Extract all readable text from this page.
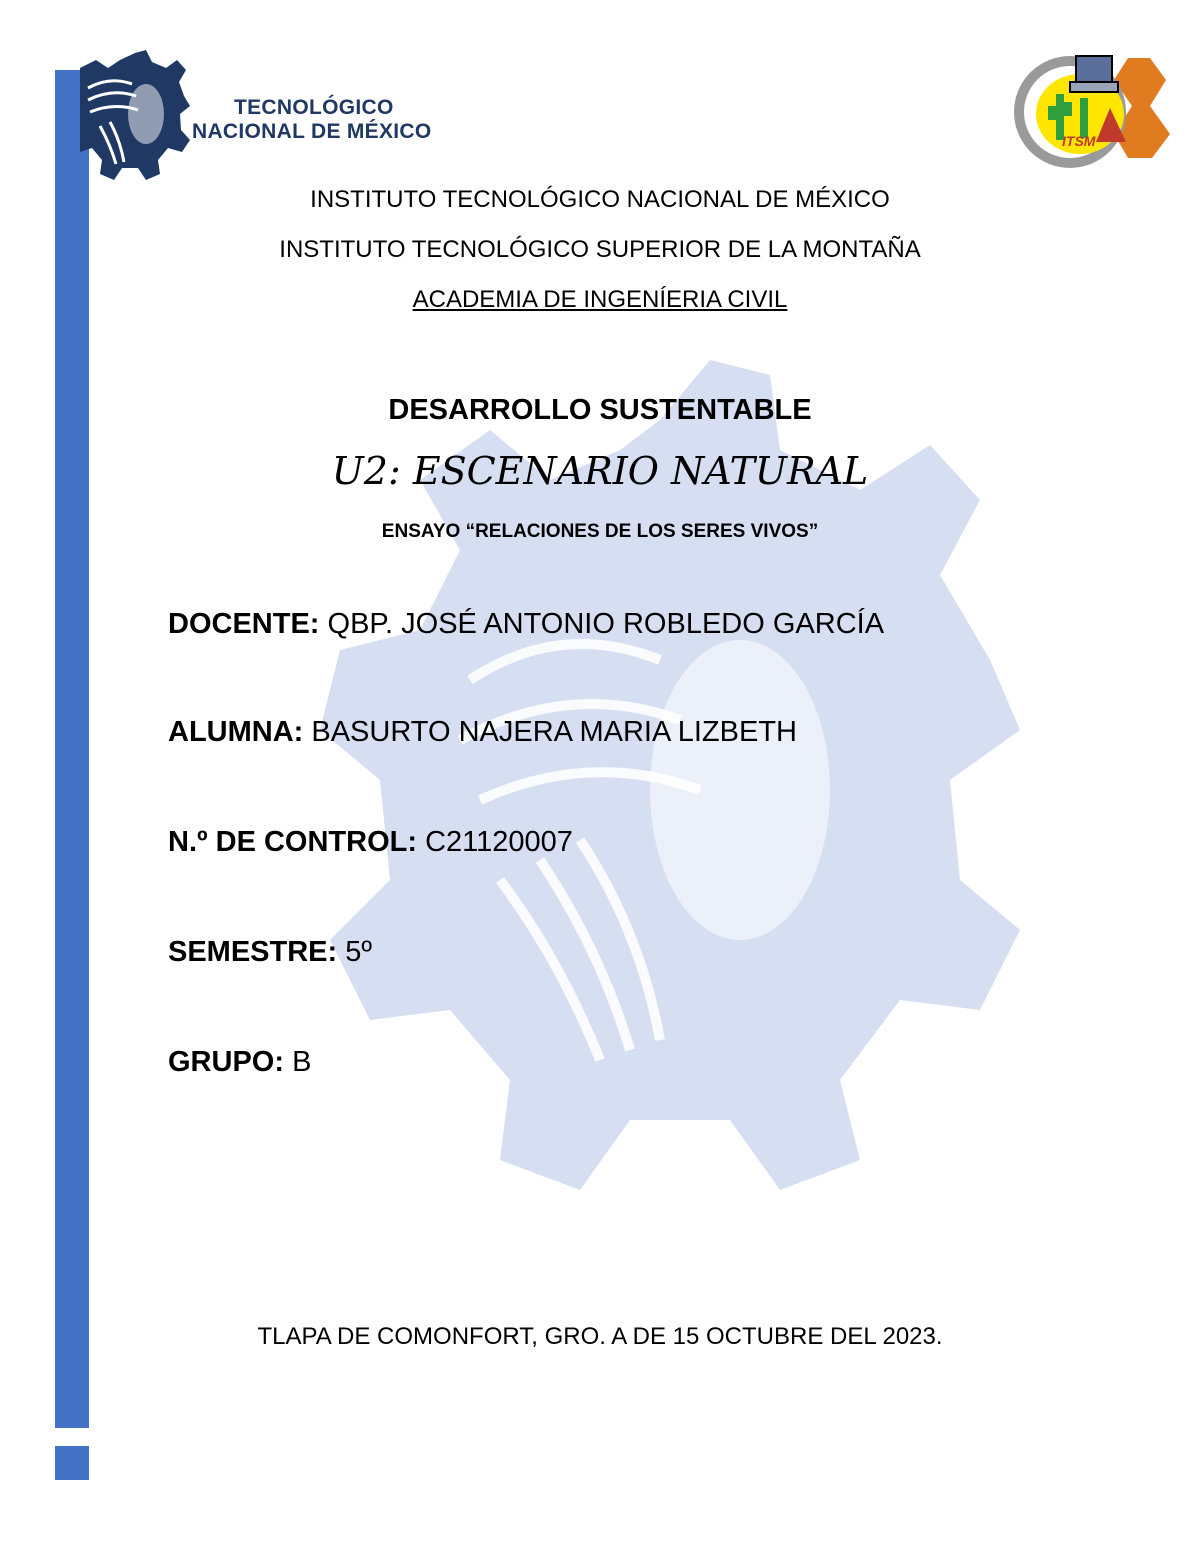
TECNOLÓGICO
NACIONAL DE MÉXICO	ITSM
INSTITUTO TECNOLÓGICO NACIONAL DE MÉXICO
INSTITUTO TECNOLÓGICO SUPERIOR DE LA MONTAÑA
ACADEMIA DE INGENÍERIA CIVIL
DESARROLLO SUSTENTABLE
U2: ESCENARIO NATURAL
ENSAYO “RELACIONES DE LOS SERES VIVOS”
DOCENTE: QBP. JOSÉ ANTONIO ROBLEDO GARCÍA
ALUMNA: BASURTO NAJERA MARIA LIZBETH
N.º DE CONTROL: C21120007
SEMESTRE: 5º
GRUPO: B
TLAPA DE COMONFORT, GRO. A DE 15 OCTUBRE DEL 2023.
